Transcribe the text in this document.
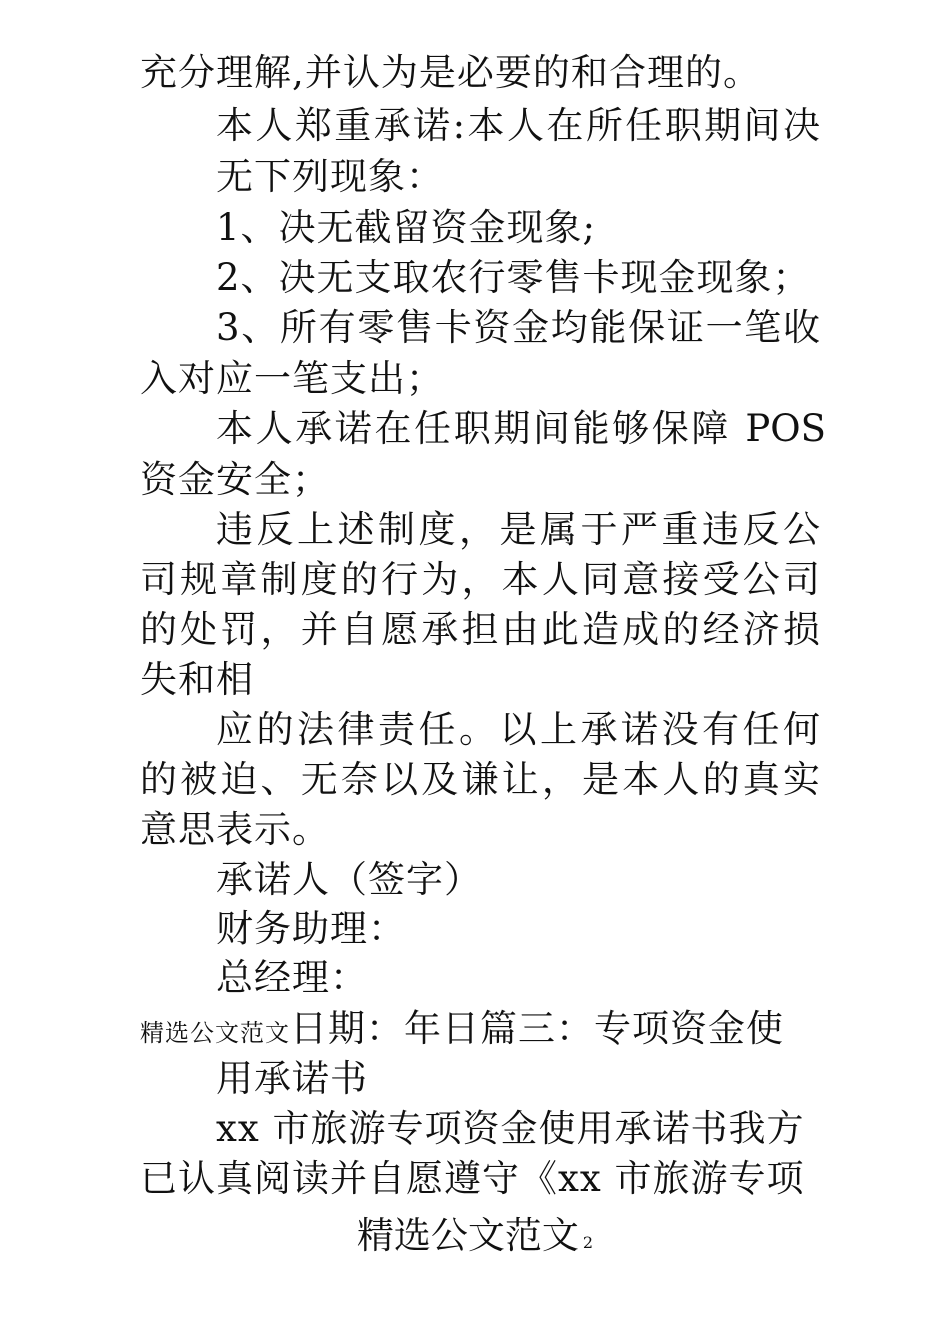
充分理解,并认为是必要的和合理的。
本人郑重承诺:本人在所任职期间决
无下列现象：
1、决无截留资金现象;
2、决无支取农行零售卡现金现象；
3、所有零售卡资金均能保证一笔收
入对应一笔支出；
本人承诺在任职期间能够保障 POS
资金安全；
违反上述制度，是属于严重违反公
司规章制度的行为，本人同意接受公司
的处罚，并自愿承担由此造成的经济损
失和相
应的法律责任。以上承诺没有任何
的被迫、无奈以及谦让，是本人的真实
意思表示。
承诺人（签字）
财务助理：
总经理：
精选公文范文日期：年日篇三：专项资金使
用承诺书
xx 市旅游专项资金使用承诺书我方
已认真阅读并自愿遵守《xx 市旅游专项
精选公文范文 2
